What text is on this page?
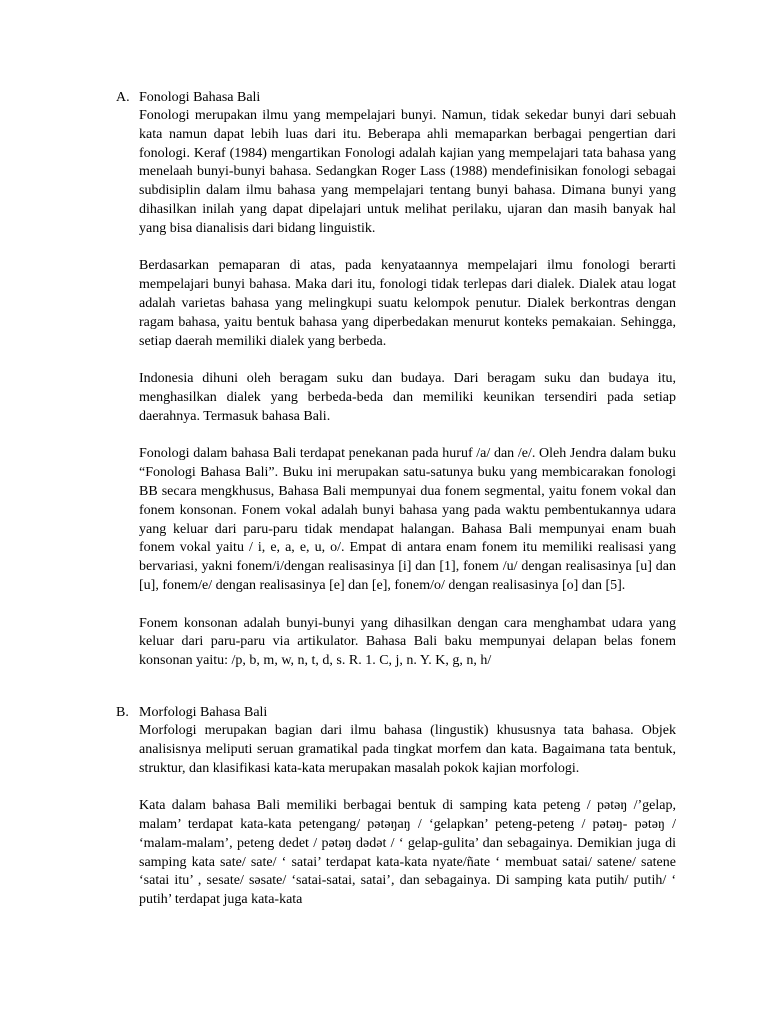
A. Fonologi Bahasa Bali

Fonologi merupakan ilmu yang mempelajari bunyi. Namun, tidak sekedar bunyi dari sebuah kata namun dapat lebih luas dari itu. Beberapa ahli memaparkan berbagai pengertian dari fonologi. Keraf (1984) mengartikan Fonologi adalah kajian yang mempelajari tata bahasa yang menelaah bunyi-bunyi bahasa. Sedangkan Roger Lass (1988) mendefinisikan fonologi sebagai subdisiplin dalam ilmu bahasa yang mempelajari tentang bunyi bahasa. Dimana bunyi yang dihasilkan inilah yang dapat dipelajari untuk melihat perilaku, ujaran dan masih banyak hal yang bisa dianalisis dari bidang linguistik.

Berdasarkan pemaparan di atas, pada kenyataannya mempelajari ilmu fonologi berarti mempelajari bunyi bahasa. Maka dari itu, fonologi tidak terlepas dari dialek. Dialek atau logat adalah varietas bahasa yang melingkupi suatu kelompok penutur. Dialek berkontras dengan ragam bahasa, yaitu bentuk bahasa yang diperbedakan menurut konteks pemakaian. Sehingga, setiap daerah memiliki dialek yang berbeda.

Indonesia dihuni oleh beragam suku dan budaya. Dari beragam suku dan budaya itu, menghasilkan dialek yang berbeda-beda dan memiliki keunikan tersendiri pada setiap daerahnya. Termasuk bahasa Bali.

Fonologi dalam bahasa Bali terdapat penekanan pada huruf /a/ dan /e/. Oleh Jendra dalam buku “Fonologi Bahasa Bali”. Buku ini merupakan satu-satunya buku yang membicarakan fonologi BB secara mengkhusus, Bahasa Bali mempunyai dua fonem segmental, yaitu fonem vokal dan fonem konsonan. Fonem vokal adalah bunyi bahasa yang pada waktu pembentukannya udara yang keluar dari paru-paru tidak mendapat halangan. Bahasa Bali mempunyai enam buah fonem vokal yaitu / i, e, a, e, u, o/. Empat di antara enam fonem itu memiliki realisasi yang bervariasi, yakni fonem/i/dengan realisasinya [i] dan [1], fonem /u/ dengan realisasinya [u] dan [u], fonem/e/ dengan realisasinya [e] dan [e], fonem/o/ dengan realisasinya [o] dan [5].

Fonem konsonan adalah bunyi-bunyi yang dihasilkan dengan cara menghambat udara yang keluar dari paru-paru via artikulator. Bahasa Bali baku mempunyai delapan belas fonem konsonan yaitu: /p, b, m, w, n, t, d, s. R. 1. C, j, n. Y. K, g, n, h/

B. Morfologi Bahasa Bali

Morfologi merupakan bagian dari ilmu bahasa (lingustik) khususnya tata bahasa. Objek analisisnya meliputi seruan gramatikal pada tingkat morfem dan kata. Bagaimana tata bentuk, struktur, dan klasifikasi kata-kata merupakan masalah pokok kajian morfologi.

Kata dalam bahasa Bali memiliki berbagai bentuk di samping kata peteng / pətəŋ /’gelap, malam’ terdapat kata-kata petengang/ pətəŋaŋ / ‘gelapkan’ peteng-peteng / pətəŋ- pətəŋ / ‘malam-malam’, peteng dedet / pətəŋ dədət / ‘ gelap-gulita’ dan sebagainya. Demikian juga di samping kata sate/ sate/ ‘ satai’ terdapat kata-kata nyate/ñate ‘ membuat satai/ satene/ satene ‘satai itu’ , sesate/ səsate/ ‘satai-satai, satai’, dan sebagainya. Di samping kata putih/ putih/ ‘ putih’ terdapat juga kata-kata
